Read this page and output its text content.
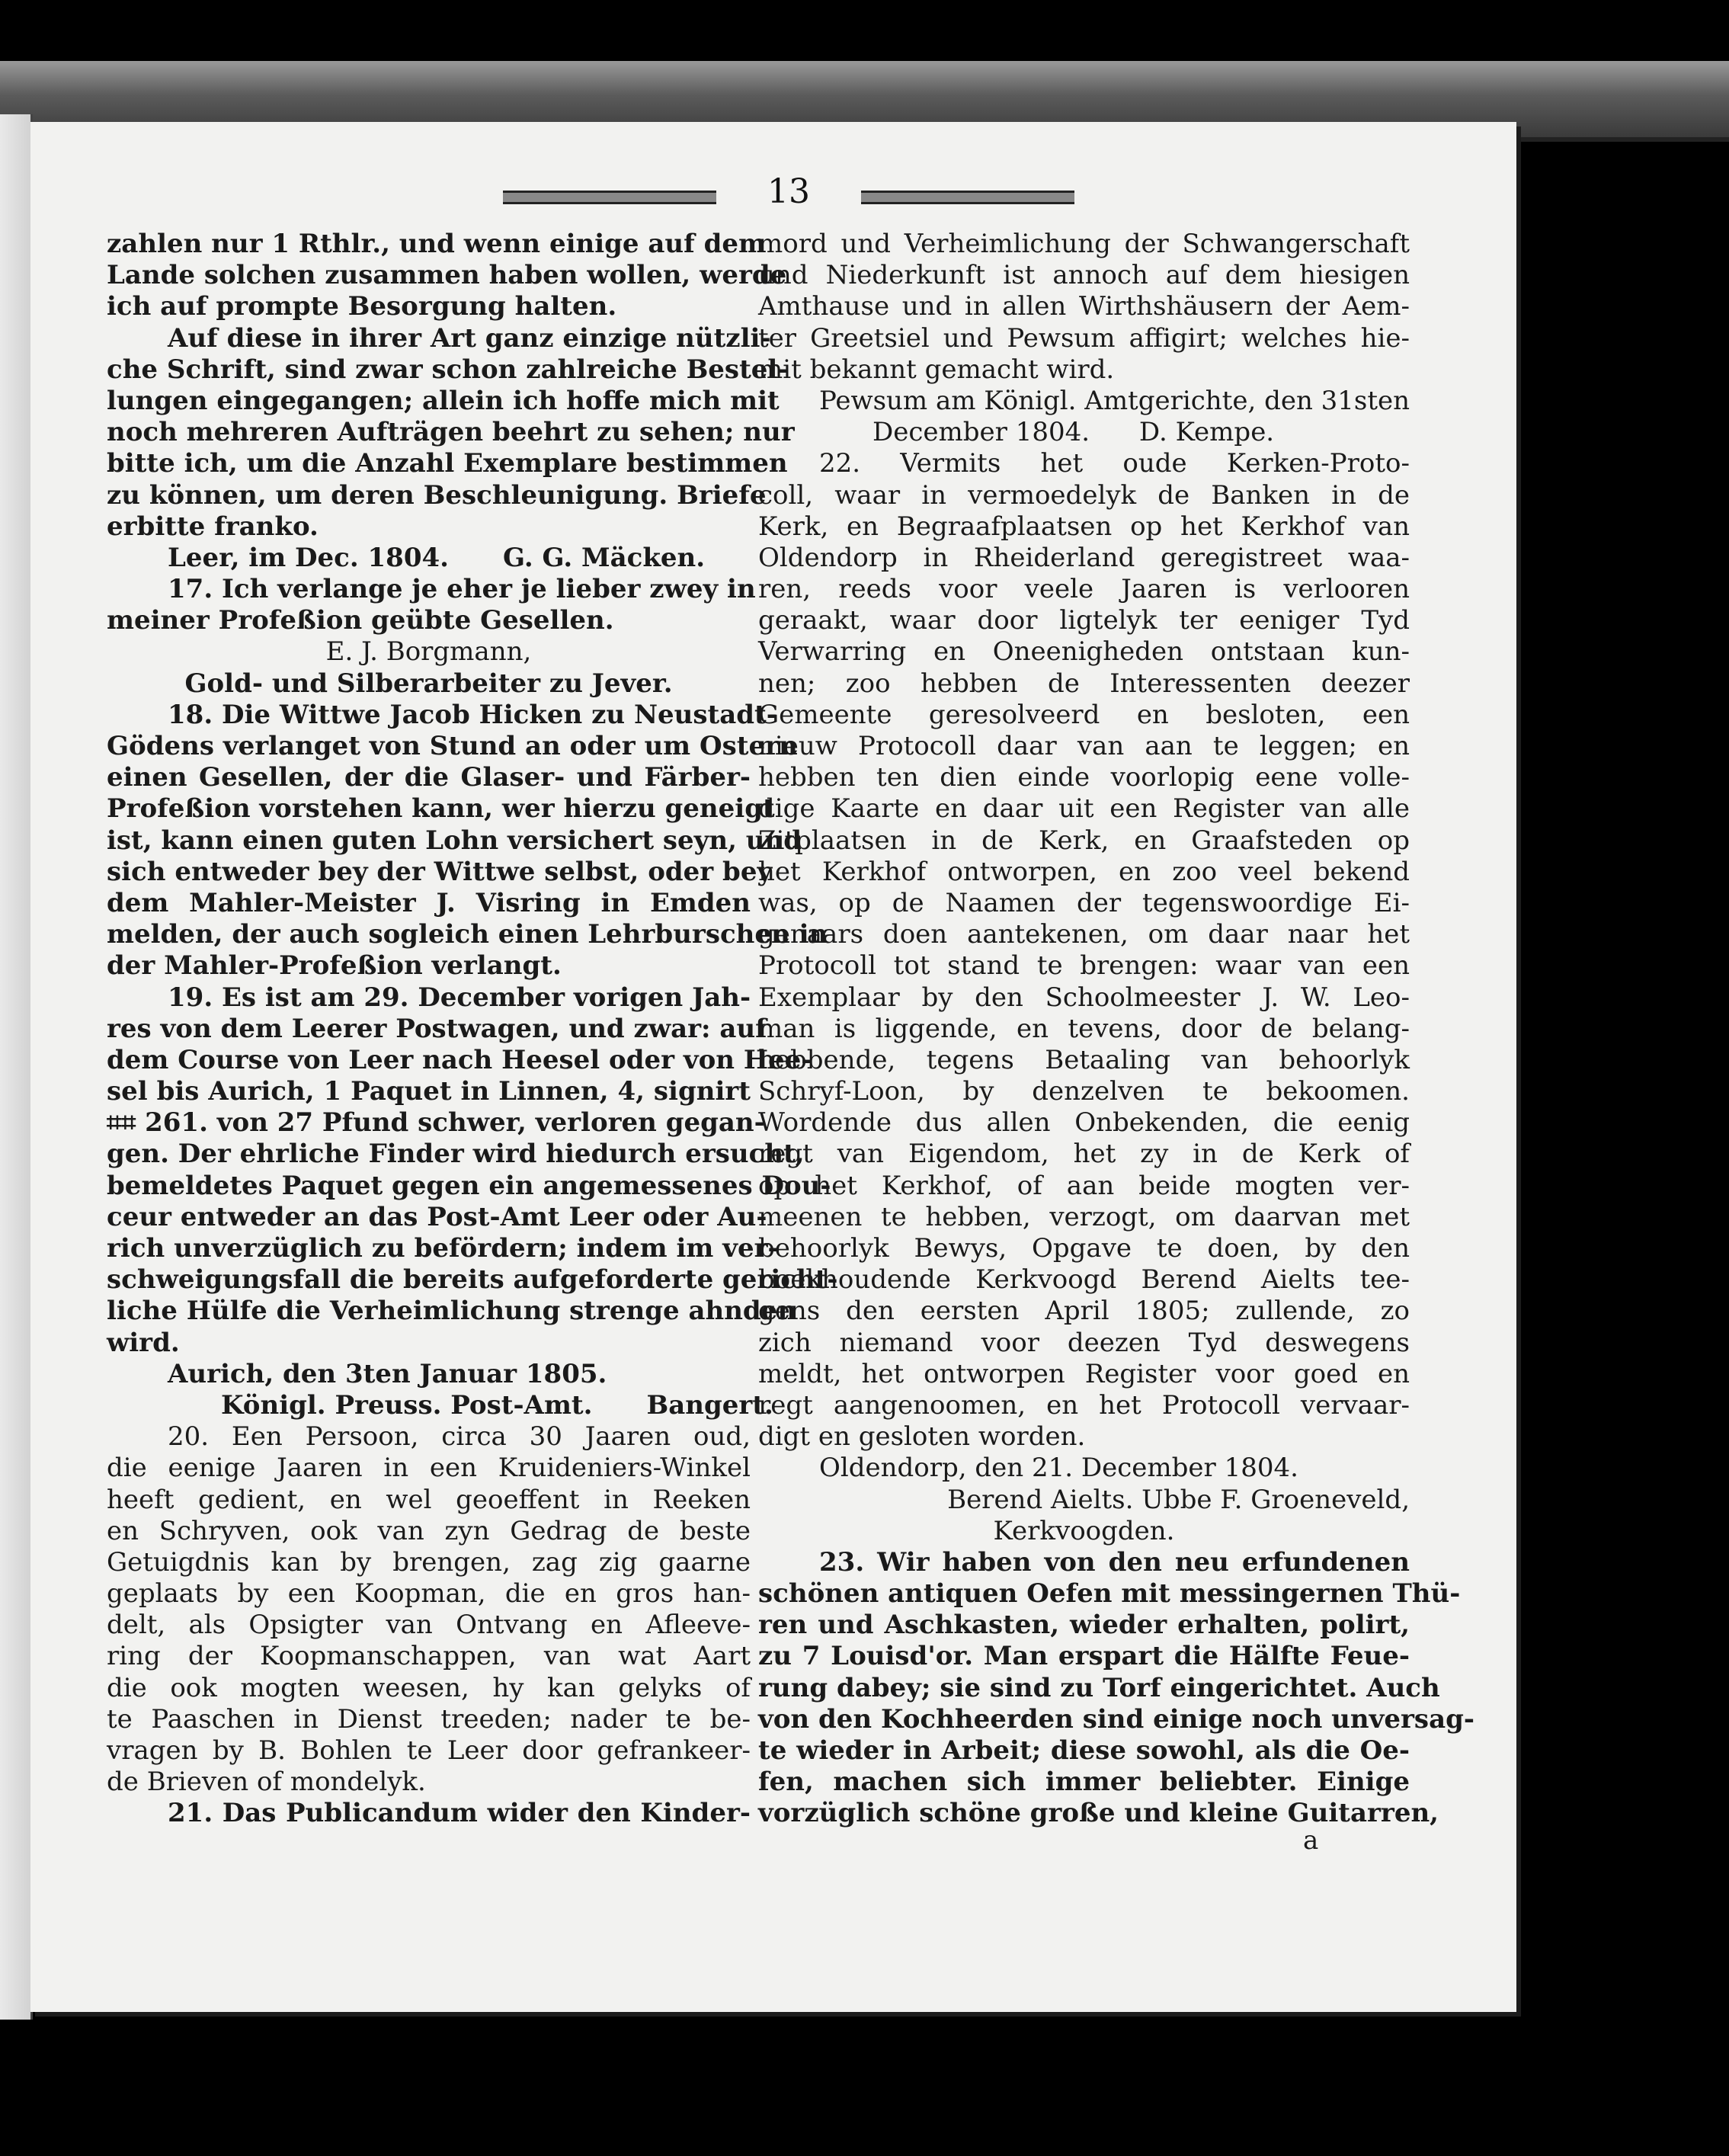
13
zahlen nur 1 Rthlr., und wenn einige auf dem
Lande solchen zusammen haben wollen, werde
ich auf prompte Besorgung halten.
Auf diese in ihrer Art ganz einzige nützli-
che Schrift, sind zwar schon zahlreiche Bestel-
lungen eingegangen; allein ich hoffe mich mit
noch mehreren Aufträgen beehrt zu sehen; nur
bitte ich, um die Anzahl Exemplare bestimmen
zu können, um deren Beschleunigung. Briefe
erbitte franko.
Leer, im Dec. 1804.      G. G. Mäcken.
17. Ich verlange je eher je lieber zwey in
meiner Profeßion geübte Gesellen.
E. J. Borgmann,
Gold- und Silberarbeiter zu Jever.
18. Die Wittwe Jacob Hicken zu Neustadt-
Gödens verlanget von Stund an oder um Ostern
einen Gesellen, der die Glaser- und Färber-
Profeßion vorstehen kann, wer hierzu geneigt
ist, kann einen guten Lohn versichert seyn, und
sich entweder bey der Wittwe selbst, oder bey
dem Mahler-Meister J. Visring in Emden
melden, der auch sogleich einen Lehrburschen in
der Mahler-Profeßion verlangt.
19. Es ist am 29. December vorigen Jah-
res von dem Leerer Postwagen, und zwar: auf
dem Course von Leer nach Heesel oder von Hee-
sel bis Aurich, 1 Paquet in Linnen, 4, signirt
⌗⌗ 261. von 27 Pfund schwer, verloren gegan-
gen. Der ehrliche Finder wird hiedurch ersucht,
bemeldetes Paquet gegen ein angemessenes Dou-
ceur entweder an das Post-Amt Leer oder Au-
rich unverzüglich zu befördern; indem im ver-
schweigungsfall die bereits aufgeforderte gericht-
liche Hülfe die Verheimlichung strenge ahnden
wird.
Aurich, den 3ten Januar 1805.
Königl. Preuss. Post-Amt.      Bangert.
20. Een Persoon, circa 30 Jaaren oud,
die eenige Jaaren in een Kruideniers-Winkel
heeft gedient, en wel geoeffent in Reeken
en Schryven, ook van zyn Gedrag de beste
Getuigdnis kan by brengen, zag zig gaarne
geplaats by een Koopman, die en gros han-
delt, als Opsigter van Ontvang en Afleeve-
ring der Koopmanschappen, van wat Aart
die ook mogten weesen, hy kan gelyks of
te Paaschen in Dienst treeden; nader te be-
vragen by B. Bohlen te Leer door gefrankeer-
de Brieven of mondelyk.
21. Das Publicandum wider den Kinder-
mord und Verheimlichung der Schwangerschaft
und Niederkunft ist annoch auf dem hiesigen
Amthause und in allen Wirthshäusern der Aem-
ter Greetsiel und Pewsum affigirt; welches hie-
mit bekannt gemacht wird.
Pewsum am Königl. Amtgerichte, den 31sten
December 1804.      D. Kempe.
22. Vermits het oude Kerken-Proto-
coll, waar in vermoedelyk de Banken in de
Kerk, en Begraafplaatsen op het Kerkhof van
Oldendorp in Rheiderland geregistreet waa-
ren, reeds voor veele Jaaren is verlooren
geraakt, waar door ligtelyk ter eeniger Tyd
Verwarring en Oneenigheden ontstaan kun-
nen; zoo hebben de Interessenten deezer
Gemeente geresolveerd en besloten, een
nieuw Protocoll daar van aan te leggen; en
hebben ten dien einde voorlopig eene volle-
dige Kaarte en daar uit een Register van alle
Zitplaatsen in de Kerk, en Graafsteden op
het Kerkhof ontworpen, en zoo veel bekend
was, op de Naamen der tegenswoordige Ei-
genaars doen aantekenen, om daar naar het
Protocoll tot stand te brengen: waar van een
Exemplaar by den Schoolmeester J. W. Leo-
man is liggende, en tevens, door de belang-
hebbende, tegens Betaaling van behoorlyk
Schryf-Loon, by denzelven te bekoomen.
Wordende dus allen Onbekenden, die eenig
regt van Eigendom, het zy in de Kerk of
op het Kerkhof, of aan beide mogten ver-
meenen te hebben, verzogt, om daarvan met
behoorlyk Bewys, Opgave te doen, by den
boekhoudende Kerkvoogd Berend Aielts tee-
gens den eersten April 1805; zullende, zo
zich niemand voor deezen Tyd deswegens
meldt, het ontworpen Register voor goed en
regt aangenoomen, en het Protocoll vervaar-
digt en gesloten worden.
Oldendorp, den 21. December 1804.
Berend Aielts. Ubbe F. Groeneveld,
Kerkvoogden.
23. Wir haben von den neu erfundenen
schönen antiquen Oefen mit messingernen Thü-
ren und Aschkasten, wieder erhalten, polirt,
zu 7 Louisd'or. Man erspart die Hälfte Feue-
rung dabey; sie sind zu Torf eingerichtet. Auch
von den Kochheerden sind einige noch unversag-
te wieder in Arbeit; diese sowohl, als die Oe-
fen, machen sich immer beliebter. Einige
vorzüglich schöne große und kleine Guitarren,
a
